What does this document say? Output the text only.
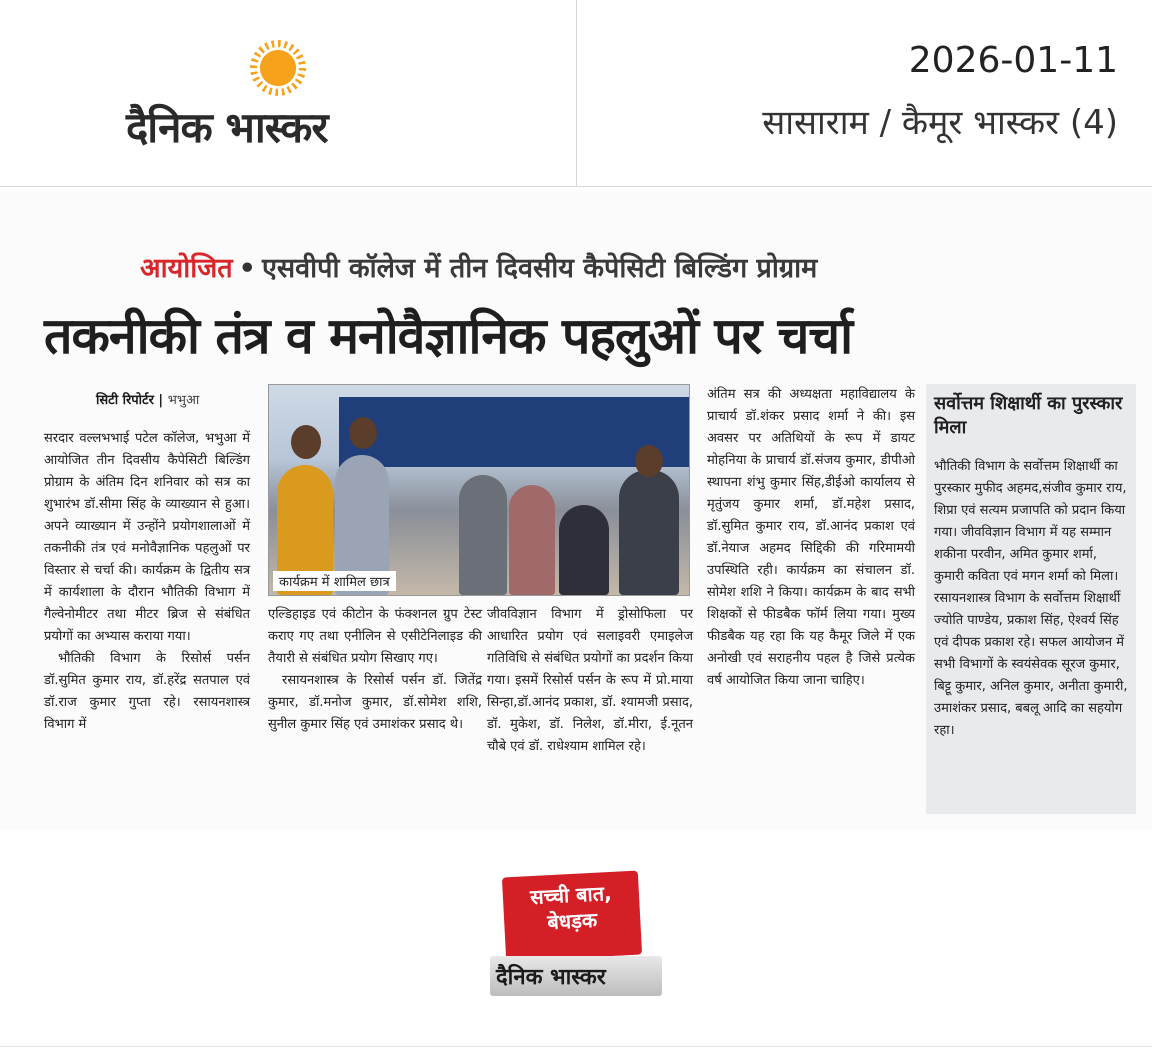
दैनिक भास्कर
2026-01-11
सासाराम / कैमूर भास्कर (4)
आयोजित • एसवीपी कॉलेज में तीन दिवसीय कैपेसिटी बिल्डिंग प्रोग्राम
तकनीकी तंत्र व मनोवैज्ञानिक पहलुओं पर चर्चा
सिटी रिपोर्टर | भभुआ

सरदार वल्लभभाई पटेल कॉलेज, भभुआ में आयोजित तीन दिवसीय कैपेसिटी बिल्डिंग प्रोग्राम के अंतिम दिन शनिवार को सत्र का शुभारंभ डॉ.सीमा सिंह के व्याख्यान से हुआ। अपने व्याख्यान में उन्होंने प्रयोगशालाओं में तकनीकी तंत्र एवं मनोवैज्ञानिक पहलुओं पर विस्तार से चर्चा की। कार्यक्रम के द्वितीय सत्र में कार्यशाला के दौरान भौतिकी विभाग में गैल्वेनोमीटर तथा मीटर ब्रिज से संबंधित प्रयोगों का अभ्यास कराया गया।

भौतिकी विभाग के रिसोर्स पर्सन डॉ.सुमित कुमार राय, डॉ.हरेंद्र सतपाल एवं डॉ.राज कुमार गुप्ता रहे। रसायनशास्त्र विभाग में

कार्यक्रम में शामिल छात्र

एल्डिहाइड एवं कीटोन के फंक्शनल ग्रुप टेस्ट कराए गए तथा एनीलिन से एसीटेनिलाइड की तैयारी से संबंधित प्रयोग सिखाए गए।

रसायनशास्त्र के रिसोर्स पर्सन डॉ. जितेंद्र कुमार, डॉ.मनोज कुमार, डॉ.सोमेश शशि, सुनील कुमार सिंह एवं उमाशंकर प्रसाद थे।

जीवविज्ञान विभाग में ड्रोसोफिला पर आधारित प्रयोग एवं सलाइवरी एमाइलेज गतिविधि से संबंधित प्रयोगों का प्रदर्शन किया गया। इसमें रिसोर्स पर्सन के रूप में प्रो.माया सिन्हा,डॉ.आनंद प्रकाश, डॉ. श्यामजी प्रसाद, डॉ. मुकेश, डॉ. निलेश, डॉ.मीरा, ई.नूतन चौबे एवं डॉ. राधेश्याम शामिल रहे।

अंतिम सत्र की अध्यक्षता महाविद्यालय के प्राचार्य डॉ.शंकर प्रसाद शर्मा ने की। इस अवसर पर अतिथियों के रूप में डायट मोहनिया के प्राचार्य डॉ.संजय कुमार, डीपीओ स्थापना शंभु कुमार सिंह,डीईओ कार्यालय से मृतुंजय कुमार शर्मा, डॉ.महेश प्रसाद, डॉ.सुमित कुमार राय, डॉ.आनंद प्रकाश एवं डॉ.नेयाज अहमद सिद्दिकी की गरिमामयी उपस्थिति रही। कार्यक्रम का संचालन डॉ. सोमेश शशि ने किया। कार्यक्रम के बाद सभी शिक्षकों से फीडबैक फॉर्म लिया गया। मुख्य फीडबैक यह रहा कि यह कैमूर जिले में एक अनोखी एवं सराहनीय पहल है जिसे प्रत्येक वर्ष आयोजित किया जाना चाहिए।

सर्वोत्तम शिक्षार्थी का पुरस्कार मिला
भौतिकी विभाग के सर्वोत्तम शिक्षार्थी का पुरस्कार मुफीद अहमद,संजीव कुमार राय, शिप्रा एवं सत्यम प्रजापति को प्रदान किया गया। जीवविज्ञान विभाग में यह सम्मान शकीना परवीन, अमित कुमार शर्मा, कुमारी कविता एवं मगन शर्मा को मिला। रसायनशास्त्र विभाग के सर्वोत्तम शिक्षार्थी ज्योति पाण्डेय, प्रकाश सिंह, ऐश्वर्य सिंह एवं दीपक प्रकाश रहे। सफल आयोजन में सभी विभागों के स्वयंसेवक सूरज कुमार, बिट्टू कुमार, अनिल कुमार, अनीता कुमारी, उमाशंकर प्रसाद, बबलू आदि का सहयोग रहा।
सच्ची बात,
बेधड़क
दैनिक भास्कर
